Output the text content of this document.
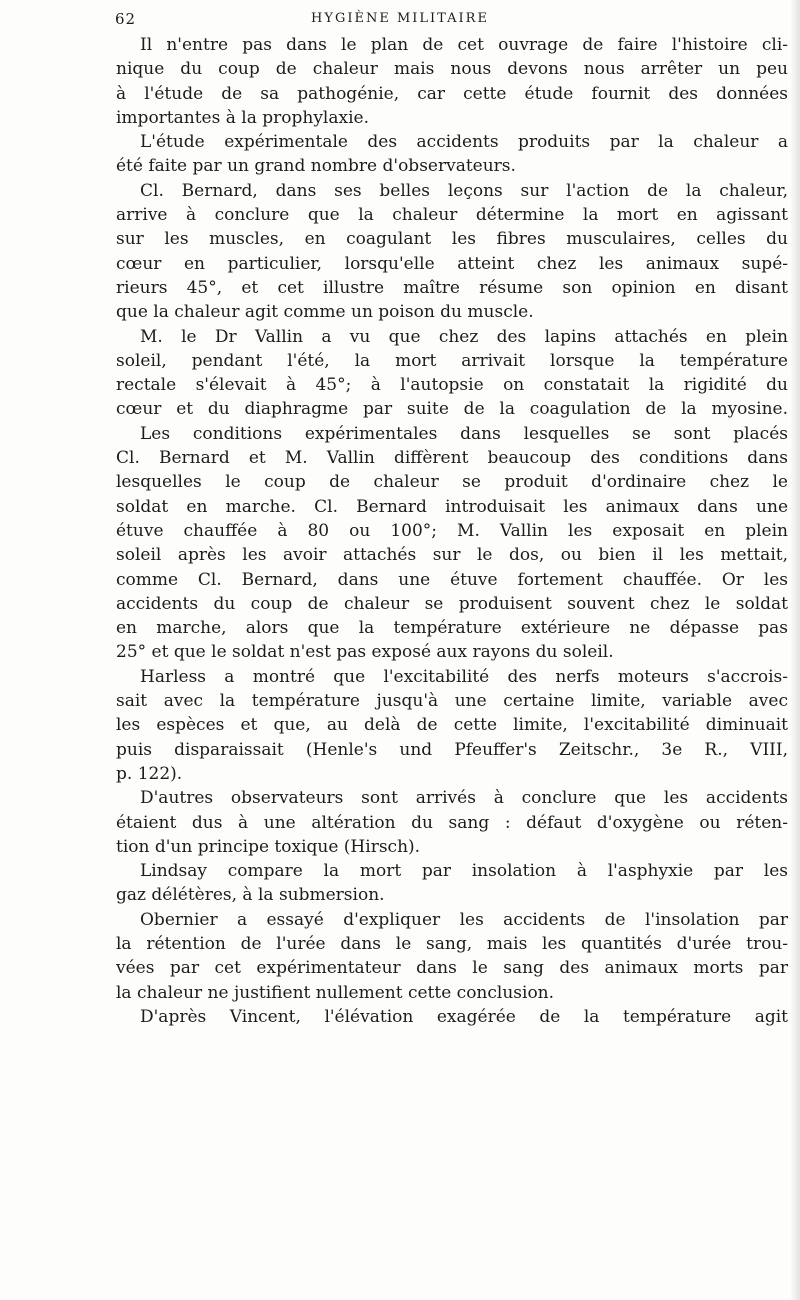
62	HYGIÈNE MILITAIRE
Il n'entre pas dans le plan de cet ouvrage de faire l'histoire cli-
nique du coup de chaleur mais nous devons nous arrêter un peu
à l'étude de sa pathogénie, car cette étude fournit des données
importantes à la prophylaxie.
L'étude expérimentale des accidents produits par la chaleur a
été faite par un grand nombre d'observateurs.
Cl. Bernard, dans ses belles leçons sur l'action de la chaleur,
arrive à conclure que la chaleur détermine la mort en agissant
sur les muscles, en coagulant les fibres musculaires, celles du
cœur en particulier, lorsqu'elle atteint chez les animaux supé-
rieurs 45°, et cet illustre maître résume son opinion en disant
que la chaleur agit comme un poison du muscle.
M. le Dr Vallin a vu que chez des lapins attachés en plein
soleil, pendant l'été, la mort arrivait lorsque la température
rectale s'élevait à 45°; à l'autopsie on constatait la rigidité du
cœur et du diaphragme par suite de la coagulation de la myosine.
Les conditions expérimentales dans lesquelles se sont placés
Cl. Bernard et M. Vallin diffèrent beaucoup des conditions dans
lesquelles le coup de chaleur se produit d'ordinaire chez le
soldat en marche. Cl. Bernard introduisait les animaux dans une
étuve chauffée à 80 ou 100°; M. Vallin les exposait en plein
soleil après les avoir attachés sur le dos, ou bien il les mettait,
comme Cl. Bernard, dans une étuve fortement chauffée. Or les
accidents du coup de chaleur se produisent souvent chez le soldat
en marche, alors que la température extérieure ne dépasse pas
25° et que le soldat n'est pas exposé aux rayons du soleil.
Harless a montré que l'excitabilité des nerfs moteurs s'accrois-
sait avec la température jusqu'à une certaine limite, variable avec
les espèces et que, au delà de cette limite, l'excitabilité diminuait
puis disparaissait (Henle's und Pfeuffer's Zeitschr., 3e R., VIII,
p. 122).
D'autres observateurs sont arrivés à conclure que les accidents
étaient dus à une altération du sang : défaut d'oxygène ou réten-
tion d'un principe toxique (Hirsch).
Lindsay compare la mort par insolation à l'asphyxie par les
gaz délétères, à la submersion.
Obernier a essayé d'expliquer les accidents de l'insolation par
la rétention de l'urée dans le sang, mais les quantités d'urée trou-
vées par cet expérimentateur dans le sang des animaux morts par
la chaleur ne justifient nullement cette conclusion.
D'après Vincent, l'élévation exagérée de la température agit
